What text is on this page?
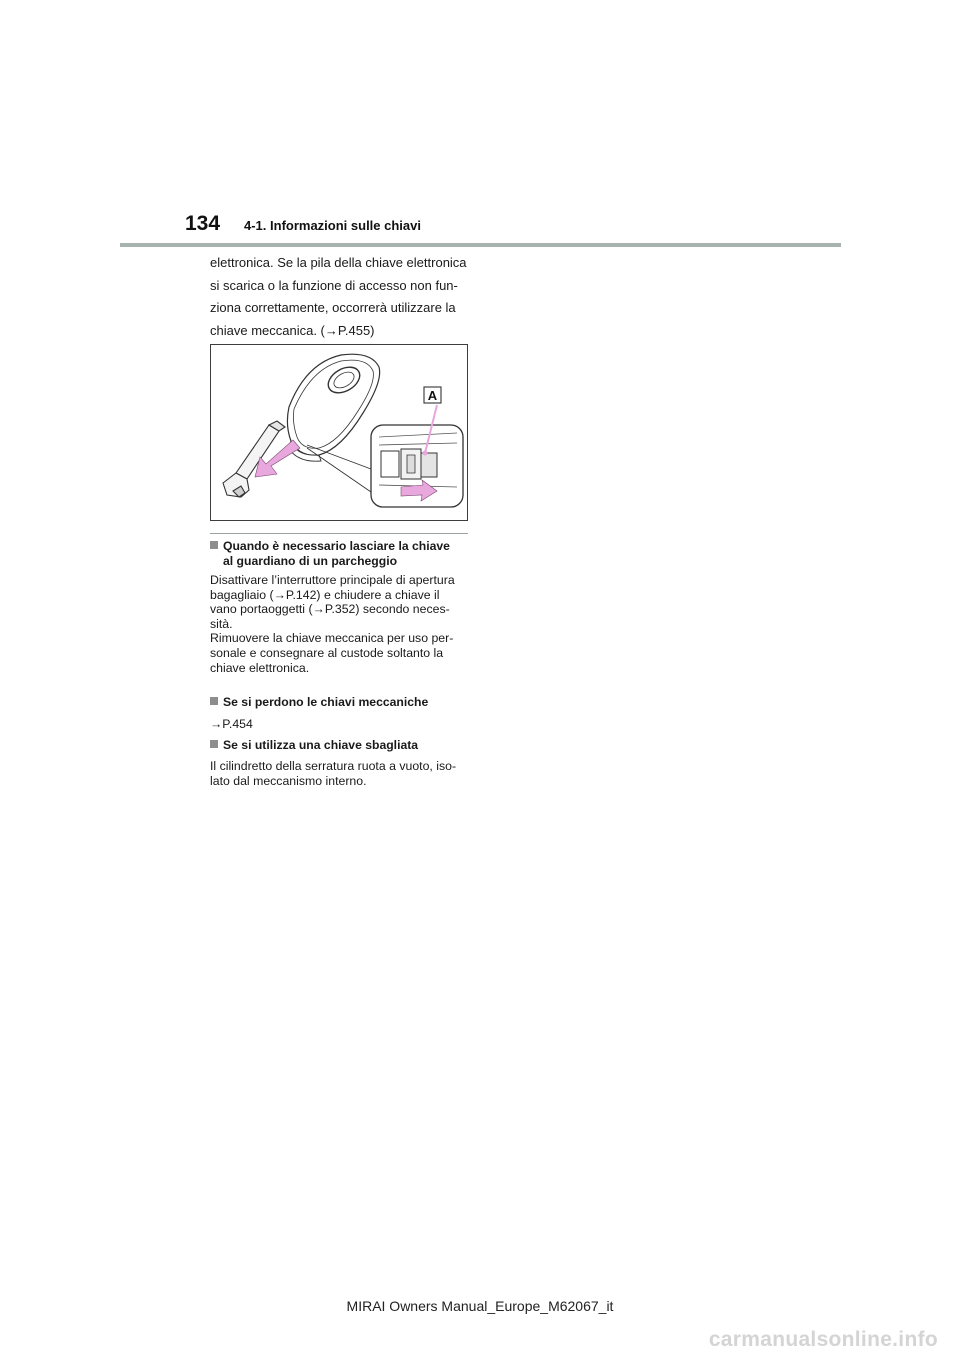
134 4-1. Informazioni sulle chiavi

elettronica. Se la pila della chiave elettronica
si scarica o la funzione di accesso non fun-
ziona correttamente, occorrerà utilizzare la
chiave meccanica. (→P.455)

A
Quando è necessario lasciare la chiave
al guardiano di un parcheggio

Disattivare l’interruttore principale di apertura
bagagliaio (→P.142) e chiudere a chiave il
vano portaoggetti (→P.352) secondo neces-
sità.
Rimuovere la chiave meccanica per uso per-
sonale e consegnare al custode soltanto la
chiave elettronica.

Se si perdono le chiavi meccaniche

→P.454

Se si utilizza una chiave sbagliata

Il cilindretto della serratura ruota a vuoto, iso-
lato dal meccanismo interno.

MIRAI Owners Manual_Europe_M62067_it
carmanualsonline.info
